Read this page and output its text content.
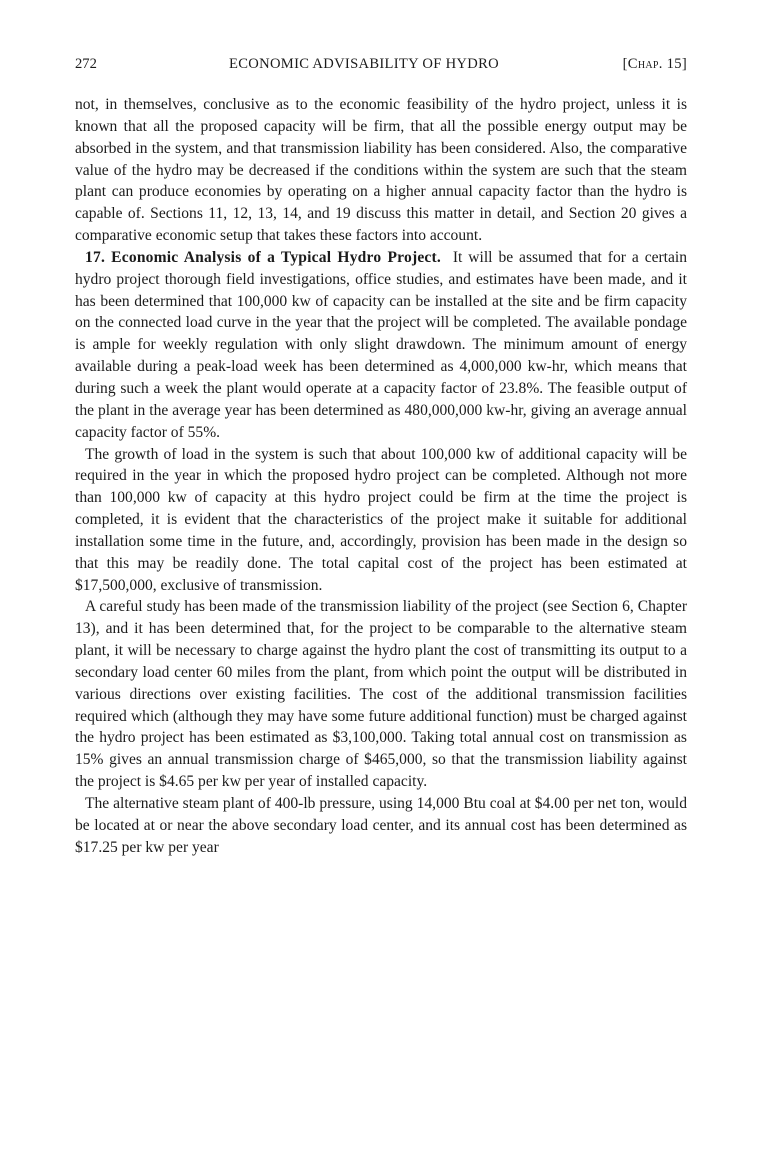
272	ECONOMIC ADVISABILITY OF HYDRO	[Chap. 15]

not, in themselves, conclusive as to the economic feasibility of the hydro project, unless it is known that all the proposed capacity will be firm, that all the possible energy output may be absorbed in the system, and that transmission liability has been considered. Also, the comparative value of the hydro may be decreased if the conditions within the system are such that the steam plant can produce economies by operating on a higher annual capacity factor than the hydro is capable of. Sections 11, 12, 13, 14, and 19 discuss this matter in detail, and Section 20 gives a comparative economic setup that takes these factors into account.

17. Economic Analysis of a Typical Hydro Project. It will be assumed that for a certain hydro project thorough field investigations, office studies, and estimates have been made, and it has been determined that 100,000 kw of capacity can be installed at the site and be firm capacity on the connected load curve in the year that the project will be completed. The available pondage is ample for weekly regulation with only slight drawdown. The minimum amount of energy available during a peak-load week has been determined as 4,000,000 kw-hr, which means that during such a week the plant would operate at a capacity factor of 23.8%. The feasible output of the plant in the average year has been determined as 480,000,000 kw-hr, giving an average annual capacity factor of 55%.

The growth of load in the system is such that about 100,000 kw of additional capacity will be required in the year in which the proposed hydro project can be completed. Although not more than 100,000 kw of capacity at this hydro project could be firm at the time the project is completed, it is evident that the characteristics of the project make it suitable for additional installation some time in the future, and, accordingly, provision has been made in the design so that this may be readily done. The total capital cost of the project has been estimated at $17,500,000, exclusive of transmission.

A careful study has been made of the transmission liability of the project (see Section 6, Chapter 13), and it has been determined that, for the project to be comparable to the alternative steam plant, it will be necessary to charge against the hydro plant the cost of transmitting its output to a secondary load center 60 miles from the plant, from which point the output will be distributed in various directions over existing facilities. The cost of the additional transmission facilities required which (although they may have some future additional function) must be charged against the hydro project has been estimated as $3,100,000. Taking total annual cost on transmission as 15% gives an annual transmission charge of $465,000, so that the transmission liability against the project is $4.65 per kw per year of installed capacity.

The alternative steam plant of 400-lb pressure, using 14,000 Btu coal at $4.00 per net ton, would be located at or near the above secondary load center, and its annual cost has been determined as $17.25 per kw per year
